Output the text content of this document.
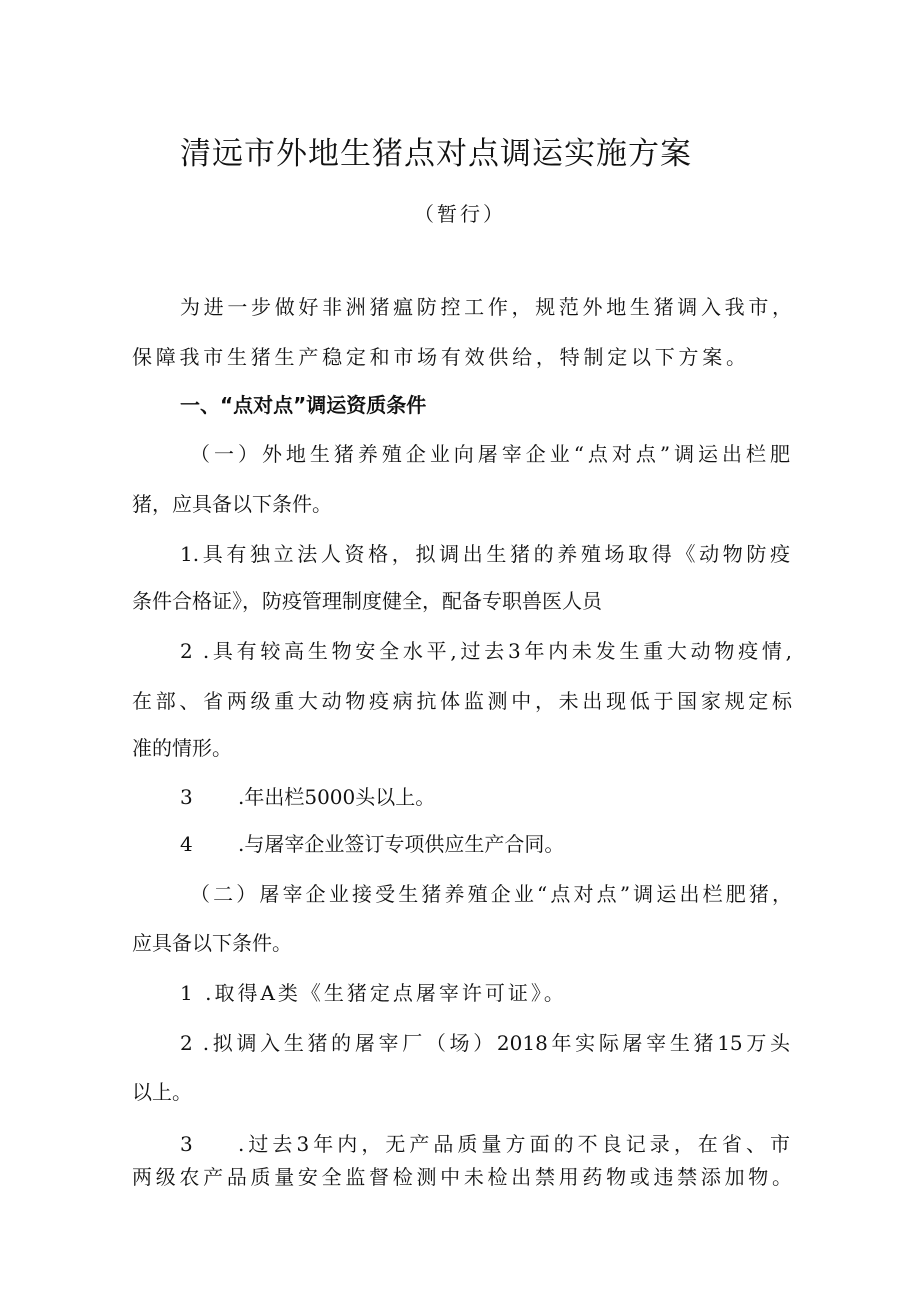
清远市外地生猪点对点调运实施方案
（暂行）
为进一步做好非洲猪瘟防控工作，规范外地生猪调入我市，
保障我市生猪生产稳定和市场有效供给，特制定以下方案。
一、“点对点”调运资质条件
（一）外地生猪养殖企业向屠宰企业“点对点”调运出栏肥
猪，应具备以下条件。
1.具有独立法人资格，拟调出生猪的养殖场取得《动物防疫
条件合格证》，防疫管理制度健全，配备专职兽医人员
2 .具有较高生物安全水平,过去3年内未发生重大动物疫情,
在部、省两级重大动物疫病抗体监测中，未出现低于国家规定标
准的情形。
3 .年出栏5000头以上。
4 .与屠宰企业签订专项供应生产合同。
（二）屠宰企业接受生猪养殖企业“点对点”调运出栏肥猪，
应具备以下条件。
1 .取得A类《生猪定点屠宰许可证》。
2 .拟调入生猪的屠宰厂（场）2018年实际屠宰生猪15万头
以上。
3 .过去3年内，无产品质量方面的不良记录，在省、市
两级农产品质量安全监督检测中未检出禁用药物或违禁添加物。
